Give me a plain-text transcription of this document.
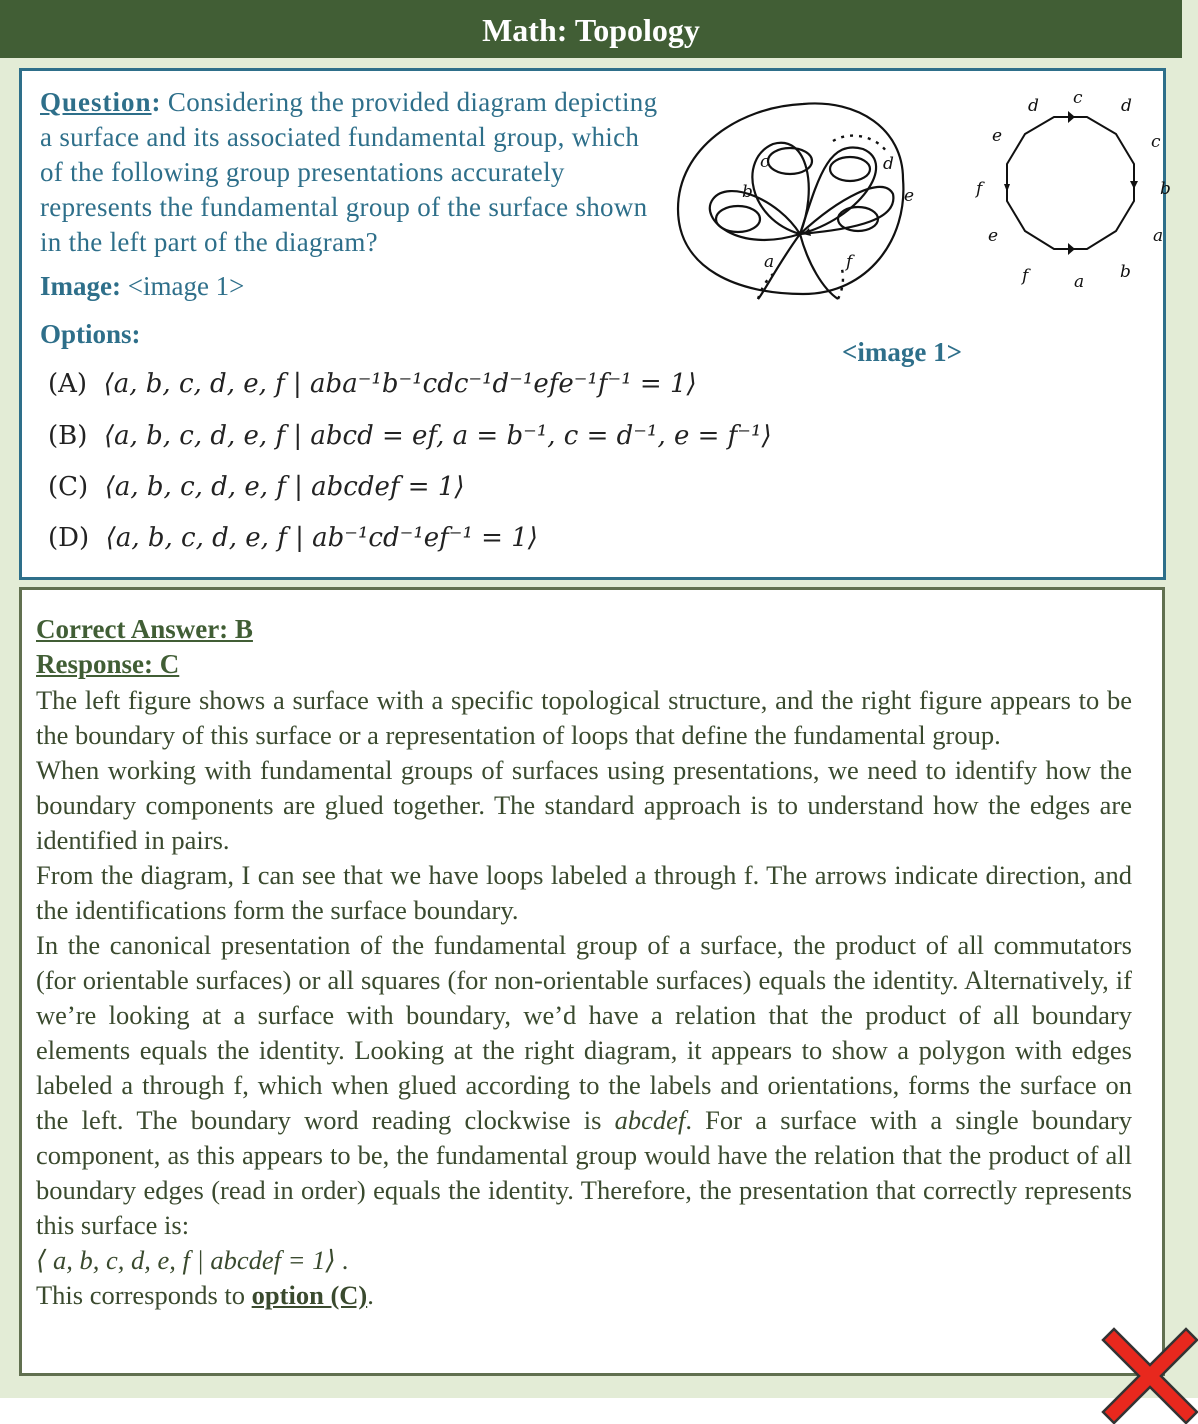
Math: Topology
Question: Considering the provided diagram depicting a surface and its associated fundamental group, which of the following group presentations accurately represents the fundamental group of the surface shown in the left part of the diagram?
Image: <image 1>
Options:
(A) ⟨a, b, c, d, e, f | aba⁻¹b⁻¹cdc⁻¹d⁻¹efe⁻¹f⁻¹ = 1⟩
(B) ⟨a, b, c, d, e, f | abcd = ef, a = b⁻¹, c = d⁻¹, e = f⁻¹⟩
(C) ⟨a, b, c, d, e, f | abcdef = 1⟩
(D) ⟨a, b, c, d, e, f | ab⁻¹cd⁻¹ef⁻¹ = 1⟩
a
b
c	d
e
f
d c d
e	c
f	b
e	a
f	a b
<image 1>
Correct Answer: B
Response: C

The left figure shows a surface with a specific topological structure, and the right figure appears to be the boundary of this surface or a representation of loops that define the fundamental group.

When working with fundamental groups of surfaces using presentations, we need to identify how the boundary components are glued together. The standard approach is to understand how the edges are identified in pairs.

From the diagram, I can see that we have loops labeled a through f. The arrows indicate direction, and the identifications form the surface boundary.

In the canonical presentation of the fundamental group of a surface, the product of all commutators (for orientable surfaces) or all squares (for non-orientable surfaces) equals the identity. Alternatively, if we’re looking at a surface with boundary, we’d have a relation that the product of all boundary elements equals the identity. Looking at the right diagram, it appears to show a polygon with edges labeled a through f, which when glued according to the labels and orientations, forms the surface on the left. The boundary word reading clockwise is abcdef. For a surface with a single boundary component, as this appears to be, the fundamental group would have the relation that the product of all boundary edges (read in order) equals the identity. Therefore, the presentation that correctly represents this surface is:
⟨ a, b, c, d, e, f | abcdef = 1⟩ .

This corresponds to option (C).
